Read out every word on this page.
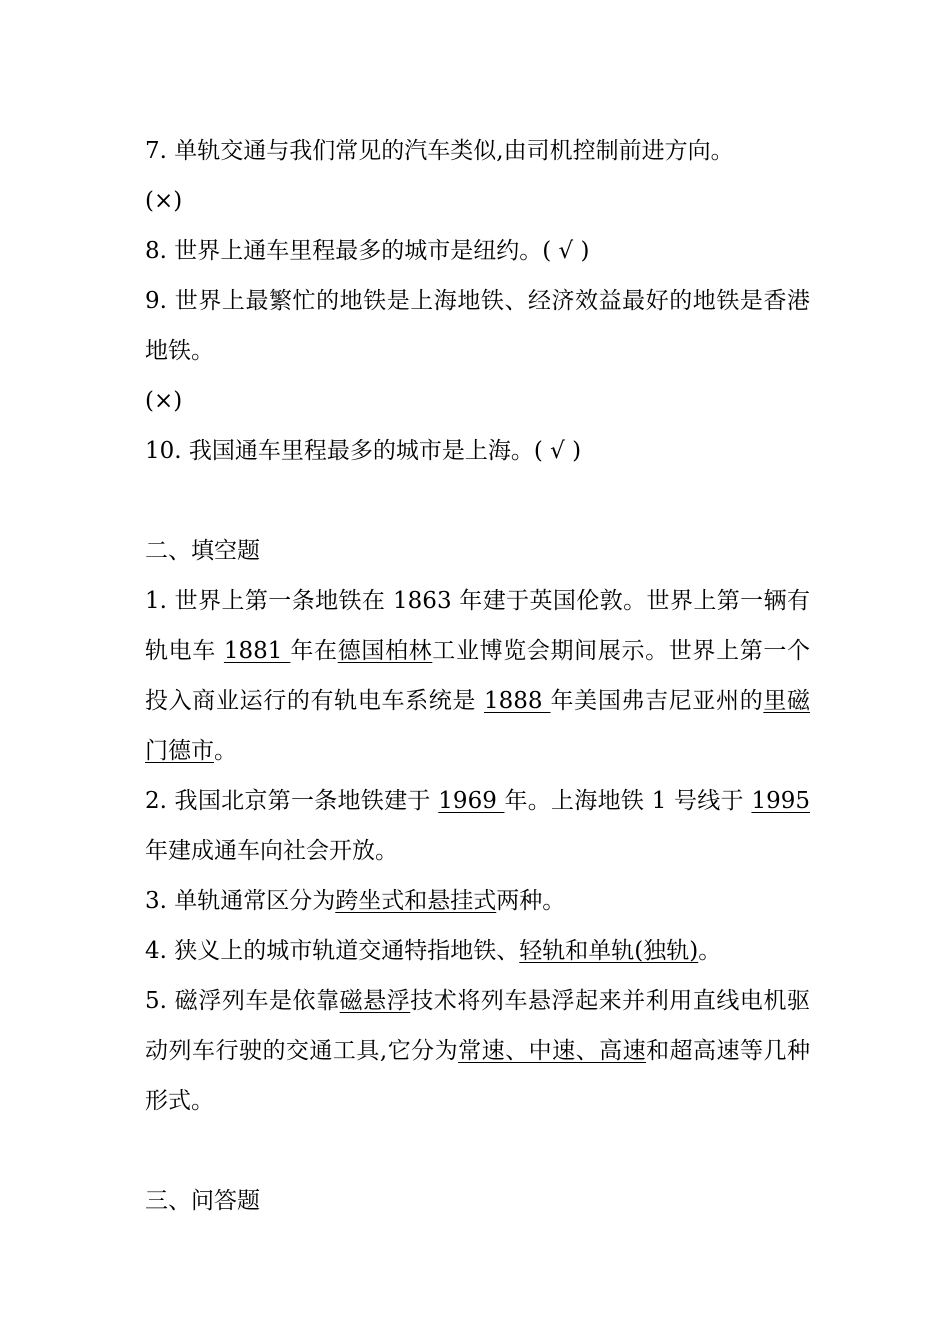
7. 单轨交通与我们常见的汽车类似,由司机控制前进方向。

(×)

8. 世界上通车里程最多的城市是纽约。( √ )

9. 世界上最繁忙的地铁是上海地铁、经济效益最好的地铁是香港地铁。

(×)

10. 我国通车里程最多的城市是上海。( √ )

二、填空题

1. 世界上第一条地铁在 1863 年建于英国伦敦。世界上第一辆有轨电车 1881 年在德国柏林工业博览会期间展示。世界上第一个投入商业运行的有轨电车系统是 1888 年美国弗吉尼亚州的里磁门德市。

2. 我国北京第一条地铁建于 1969 年。上海地铁 1 号线于 1995 年建成通车向社会开放。

3. 单轨通常区分为跨坐式和悬挂式两种。

4. 狭义上的城市轨道交通特指地铁、轻轨和单轨(独轨)。

5. 磁浮列车是依靠磁悬浮技术将列车悬浮起来并利用直线电机驱动列车行驶的交通工具,它分为常速、中速、高速和超高速等几种形式。

三、问答题
